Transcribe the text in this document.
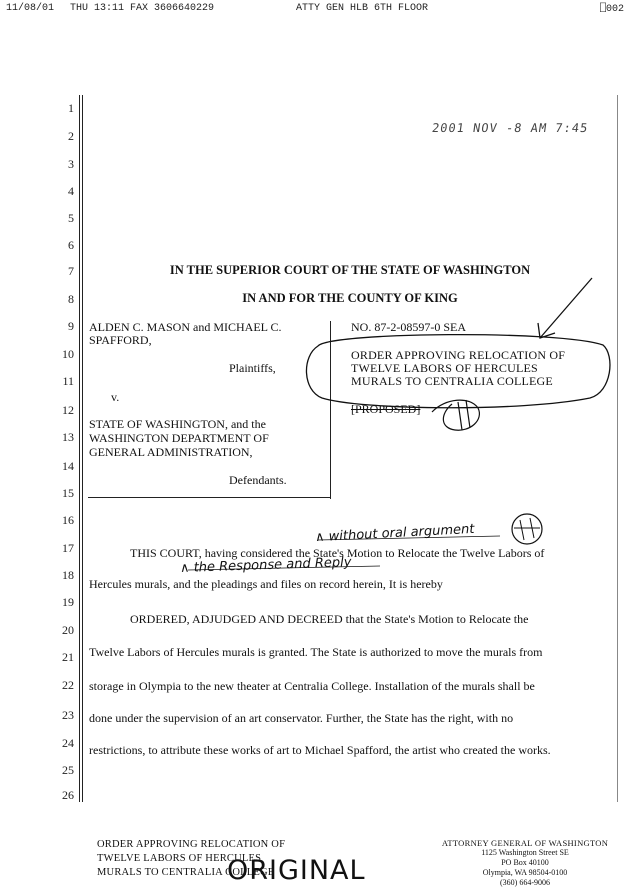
11/08/01 THU 13:11 FAX 3606640229	ATTY GEN HLB 6TH FLOOR	⎕002
1
2
3
4
5
6
7
8
9
10
11
12
13
14
15
16
17
18
19
20
21
22
23
24
25
26
2001 NOV -8 AM 7:45
IN THE SUPERIOR COURT OF THE STATE OF WASHINGTON
IN AND FOR THE COUNTY OF KING
ALDEN C. MASON and MICHAEL C.
SPAFFORD,
Plaintiffs,
v.
STATE OF WASHINGTON, and the
WASHINGTON DEPARTMENT OF
GENERAL ADMINISTRATION,
Defendants.
NO. 87-2-08597-0 SEA
ORDER APPROVING RELOCATION OF
TWELVE LABORS OF HERCULES
MURALS TO CENTRALIA COLLEGE
[PROPOSED]
∧ without oral argument
∧ the Response and Reply
THIS COURT, having considered the State's Motion to Relocate the Twelve Labors of
Hercules murals, and the pleadings and files on record herein, It is hereby
ORDERED, ADJUDGED AND DECREED that the State's Motion to Relocate the
Twelve Labors of Hercules murals is granted. The State is authorized to move the murals from
storage in Olympia to the new theater at Centralia College. Installation of the murals shall be
done under the supervision of an art conservator. Further, the State has the right, with no
restrictions, to attribute these works of art to Michael Spafford, the artist who created the works.
ORDER APPROVING RELOCATION OF
TWELVE LABORS OF HERCULES
MURALS TO CENTRALIA COLLEGE
ORIGINAL
ATTORNEY GENERAL OF WASHINGTON
1125 Washington Street SE
PO Box 40100
Olympia, WA 98504-0100
(360) 664-9006
